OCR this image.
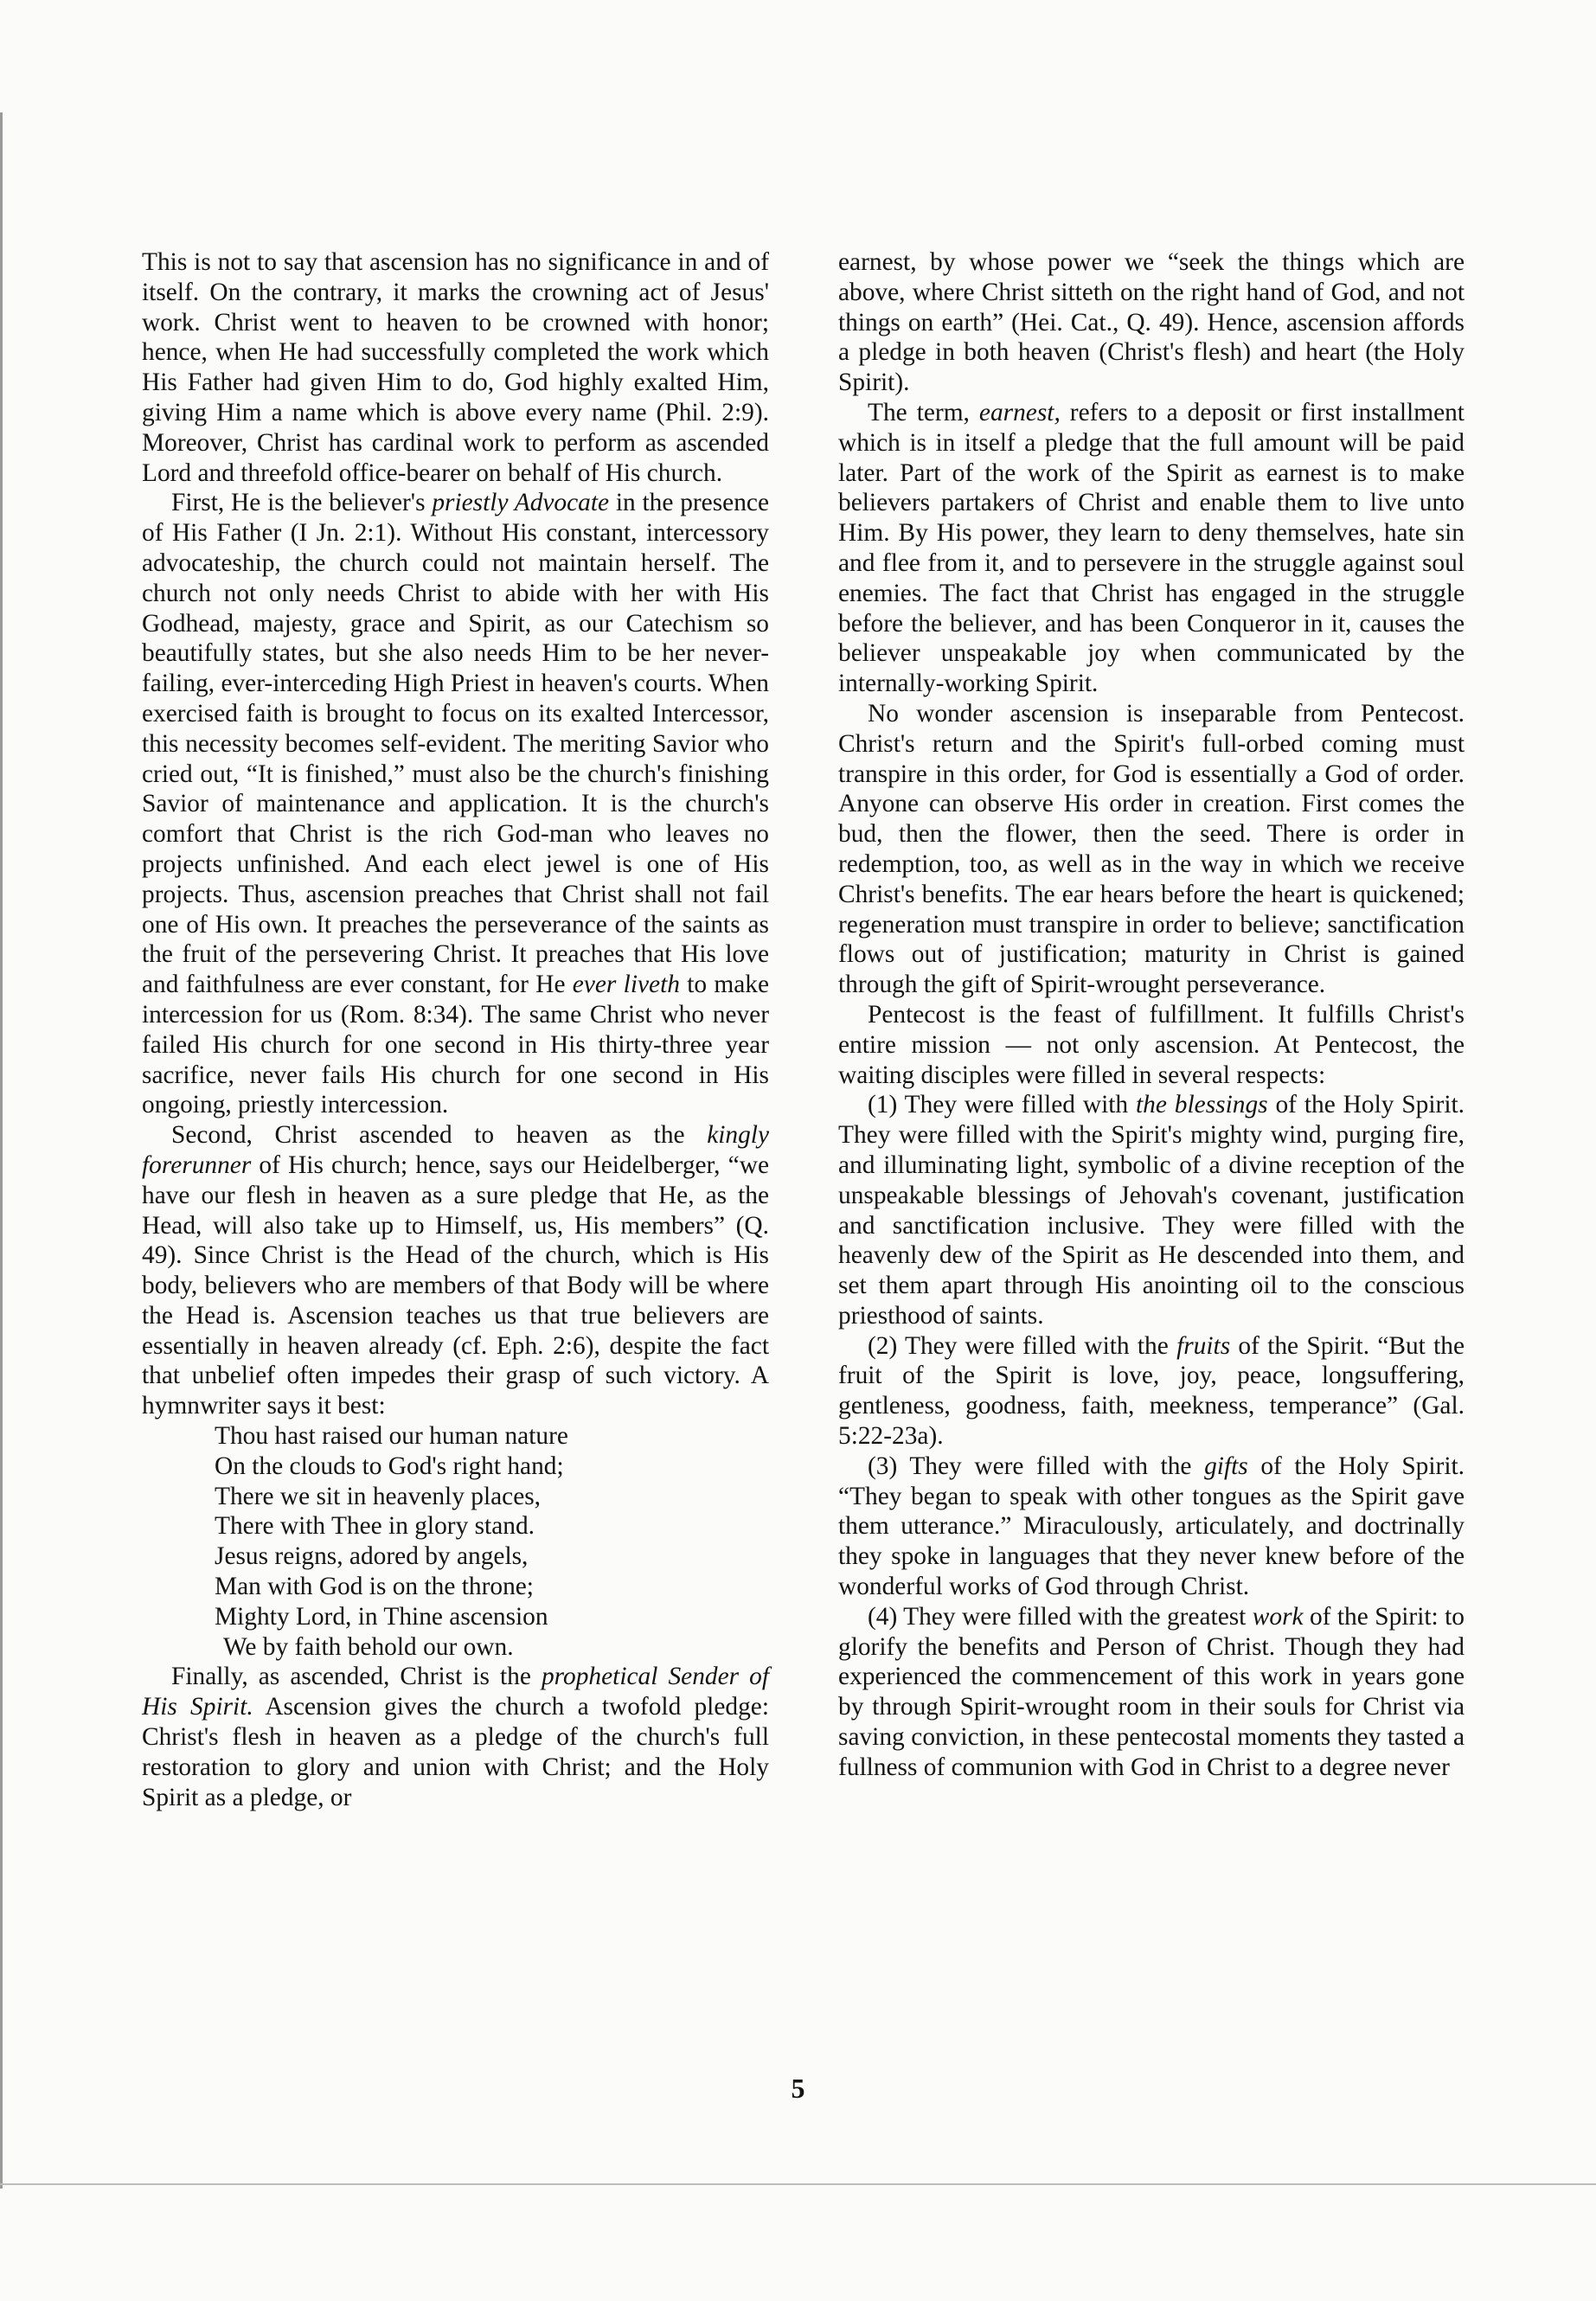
This is not to say that ascension has no significance in and of itself. On the contrary, it marks the crowning act of Jesus' work. Christ went to heaven to be crowned with honor; hence, when He had successfully completed the work which His Father had given Him to do, God highly exalted Him, giving Him a name which is above every name (Phil. 2:9). Moreover, Christ has cardinal work to perform as ascended Lord and threefold office-bearer on behalf of His church.

First, He is the believer's priestly Advocate in the presence of His Father (I Jn. 2:1). Without His constant, intercessory advocateship, the church could not maintain herself. The church not only needs Christ to abide with her with His Godhead, majesty, grace and Spirit, as our Catechism so beautifully states, but she also needs Him to be her never-failing, ever-interceding High Priest in heaven's courts. When exercised faith is brought to focus on its exalted Intercessor, this necessity becomes self-evident. The meriting Savior who cried out, “It is finished,” must also be the church's finishing Savior of maintenance and application. It is the church's comfort that Christ is the rich God-man who leaves no projects unfinished. And each elect jewel is one of His projects. Thus, ascension preaches that Christ shall not fail one of His own. It preaches the perseverance of the saints as the fruit of the persevering Christ. It preaches that His love and faithfulness are ever constant, for He ever liveth to make intercession for us (Rom. 8:34). The same Christ who never failed His church for one second in His thirty-three year sacrifice, never fails His church for one second in His ongoing, priestly intercession.

Second, Christ ascended to heaven as the kingly forerunner of His church; hence, says our Heidelberger, “we have our flesh in heaven as a sure pledge that He, as the Head, will also take up to Himself, us, His members” (Q. 49). Since Christ is the Head of the church, which is His body, believers who are members of that Body will be where the Head is. Ascension teaches us that true believers are essentially in heaven already (cf. Eph. 2:6), despite the fact that unbelief often impedes their grasp of such victory. A hymnwriter says it best:

Thou hast raised our human nature
On the clouds to God's right hand;
There we sit in heavenly places,
There with Thee in glory stand.
Jesus reigns, adored by angels,
Man with God is on the throne;
Mighty Lord, in Thine ascension
We by faith behold our own.

Finally, as ascended, Christ is the prophetical Sender of His Spirit. Ascension gives the church a twofold pledge: Christ's flesh in heaven as a pledge of the church's full restoration to glory and union with Christ; and the Holy Spirit as a pledge, or

earnest, by whose power we “seek the things which are above, where Christ sitteth on the right hand of God, and not things on earth” (Hei. Cat., Q. 49). Hence, ascension affords a pledge in both heaven (Christ's flesh) and heart (the Holy Spirit).

The term, earnest, refers to a deposit or first installment which is in itself a pledge that the full amount will be paid later. Part of the work of the Spirit as earnest is to make believers partakers of Christ and enable them to live unto Him. By His power, they learn to deny themselves, hate sin and flee from it, and to persevere in the struggle against soul enemies. The fact that Christ has engaged in the struggle before the believer, and has been Conqueror in it, causes the believer unspeakable joy when communicated by the internally-working Spirit.

No wonder ascension is inseparable from Pentecost. Christ's return and the Spirit's full-orbed coming must transpire in this order, for God is essentially a God of order. Anyone can observe His order in creation. First comes the bud, then the flower, then the seed. There is order in redemption, too, as well as in the way in which we receive Christ's benefits. The ear hears before the heart is quickened; regeneration must transpire in order to believe; sanctification flows out of justification; maturity in Christ is gained through the gift of Spirit-wrought perseverance.

Pentecost is the feast of fulfillment. It fulfills Christ's entire mission — not only ascension. At Pentecost, the waiting disciples were filled in several respects:

(1) They were filled with the blessings of the Holy Spirit. They were filled with the Spirit's mighty wind, purging fire, and illuminating light, symbolic of a divine reception of the unspeakable blessings of Jehovah's covenant, justification and sanctification inclusive. They were filled with the heavenly dew of the Spirit as He descended into them, and set them apart through His anointing oil to the conscious priesthood of saints.

(2) They were filled with the fruits of the Spirit. “But the fruit of the Spirit is love, joy, peace, longsuffering, gentleness, goodness, faith, meekness, temperance” (Gal. 5:22-23a).

(3) They were filled with the gifts of the Holy Spirit. “They began to speak with other tongues as the Spirit gave them utterance.” Miraculously, articulately, and doctrinally they spoke in languages that they never knew before of the wonderful works of God through Christ.

(4) They were filled with the greatest work of the Spirit: to glorify the benefits and Person of Christ. Though they had experienced the commencement of this work in years gone by through Spirit-wrought room in their souls for Christ via saving conviction, in these pentecostal moments they tasted a fullness of communion with God in Christ to a degree never

5
